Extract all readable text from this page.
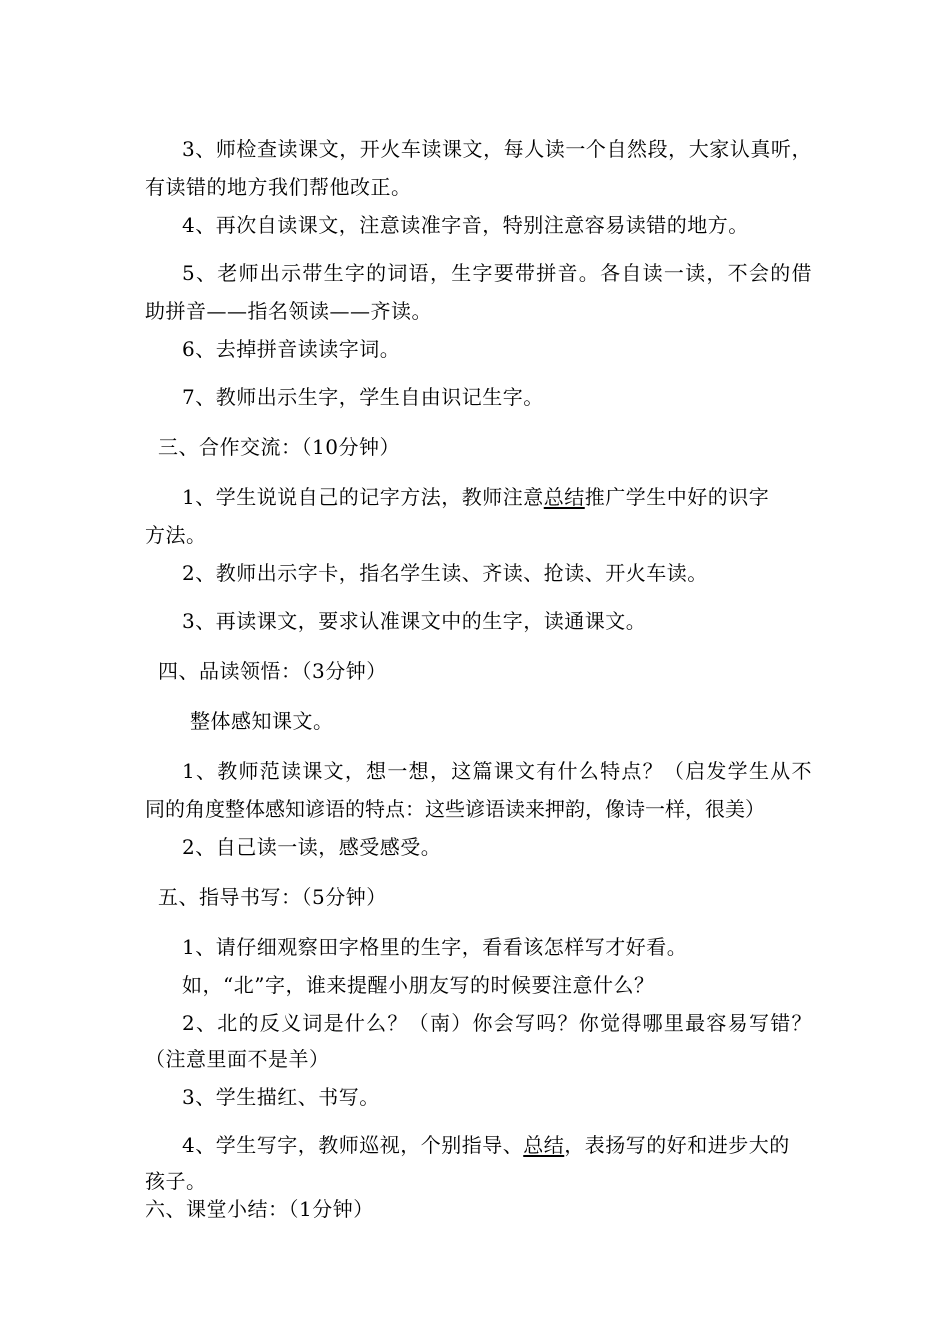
3、师检查读课文，开火车读课文，每人读一个自然段，大家认真听，
有读错的地方我们帮他改正。
4、再次自读课文，注意读准字音，特别注意容易读错的地方。
5、老师出示带生字的词语，生字要带拼音。各自读一读，不会的借
助拼音——指名领读——齐读。
6、去掉拼音读读字词。
7、教师出示生字，学生自由识记生字。
三、合作交流：（10分钟）
1、学生说说自己的记字方法，教师注意总结推广学生中好的识字
方法。
2、教师出示字卡，指名学生读、齐读、抢读、开火车读。
3、再读课文，要求认准课文中的生字，读通课文。
四、品读领悟：（3分钟）
整体感知课文。
1、教师范读课文，想一想，这篇课文有什么特点？（启发学生从不
同的角度整体感知谚语的特点：这些谚语读来押韵，像诗一样，很美）
2、自己读一读，感受感受。
五、指导书写：（5分钟）
1、请仔细观察田字格里的生字，看看该怎样写才好看。
如，“北”字，谁来提醒小朋友写的时候要注意什么？
2、北的反义词是什么？（南）你会写吗？你觉得哪里最容易写错？
（注意里面不是羊）
3、学生描红、书写。
4、学生写字，教师巡视，个别指导、总结，表扬写的好和进步大的
孩子。
六、课堂小结：（1分钟）
